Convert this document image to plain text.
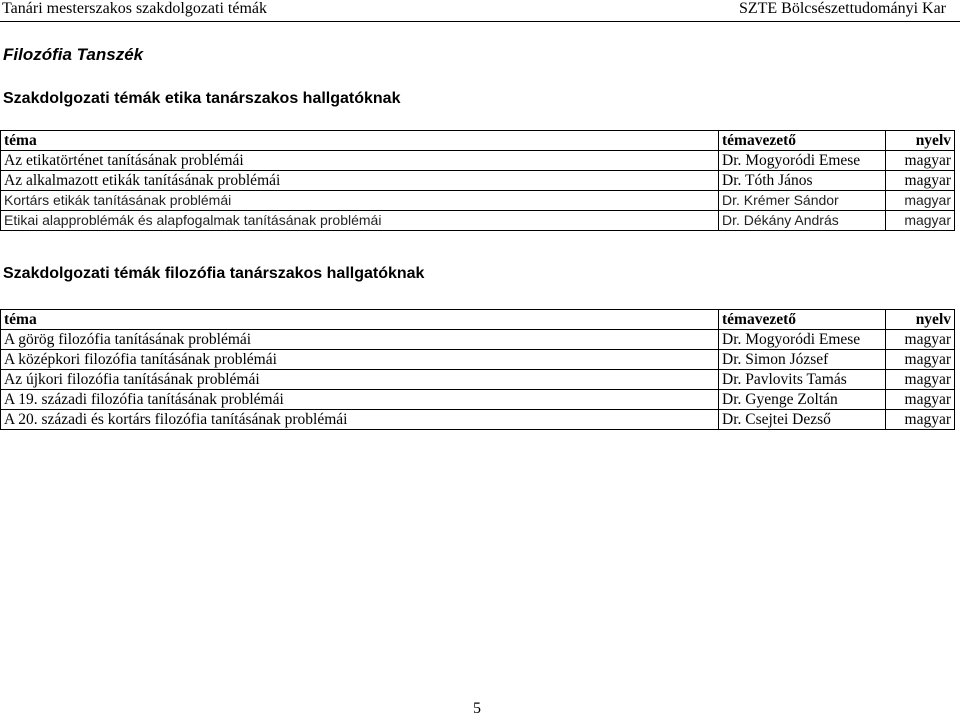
Tanári mesterszakos szakdolgozati témák	SZTE Bölcsészettudományi Kar
Filozófia Tanszék
Szakdolgozati témák etika tanárszakos hallgatóknak
téma	témavezető	nyelv
Az etikatörténet tanításának problémái	Dr. Mogyoródi Emese	magyar
Az alkalmazott etikák tanításának problémái	Dr. Tóth János	magyar
Kortárs etikák tanításának problémái	Dr. Krémer Sándor	magyar
Etikai alapproblémák és alapfogalmak tanításának problémái	Dr. Dékány András	magyar
Szakdolgozati témák filozófia tanárszakos hallgatóknak
téma	témavezető	nyelv
A görög filozófia tanításának problémái	Dr. Mogyoródi Emese	magyar
A középkori filozófia tanításának problémái	Dr. Simon József	magyar
Az újkori filozófia tanításának problémái	Dr. Pavlovits Tamás	magyar
A 19. századi filozófia tanításának problémái	Dr. Gyenge Zoltán	magyar
A 20. századi és kortárs filozófia tanításának problémái	Dr. Csejtei Dezső	magyar
5
